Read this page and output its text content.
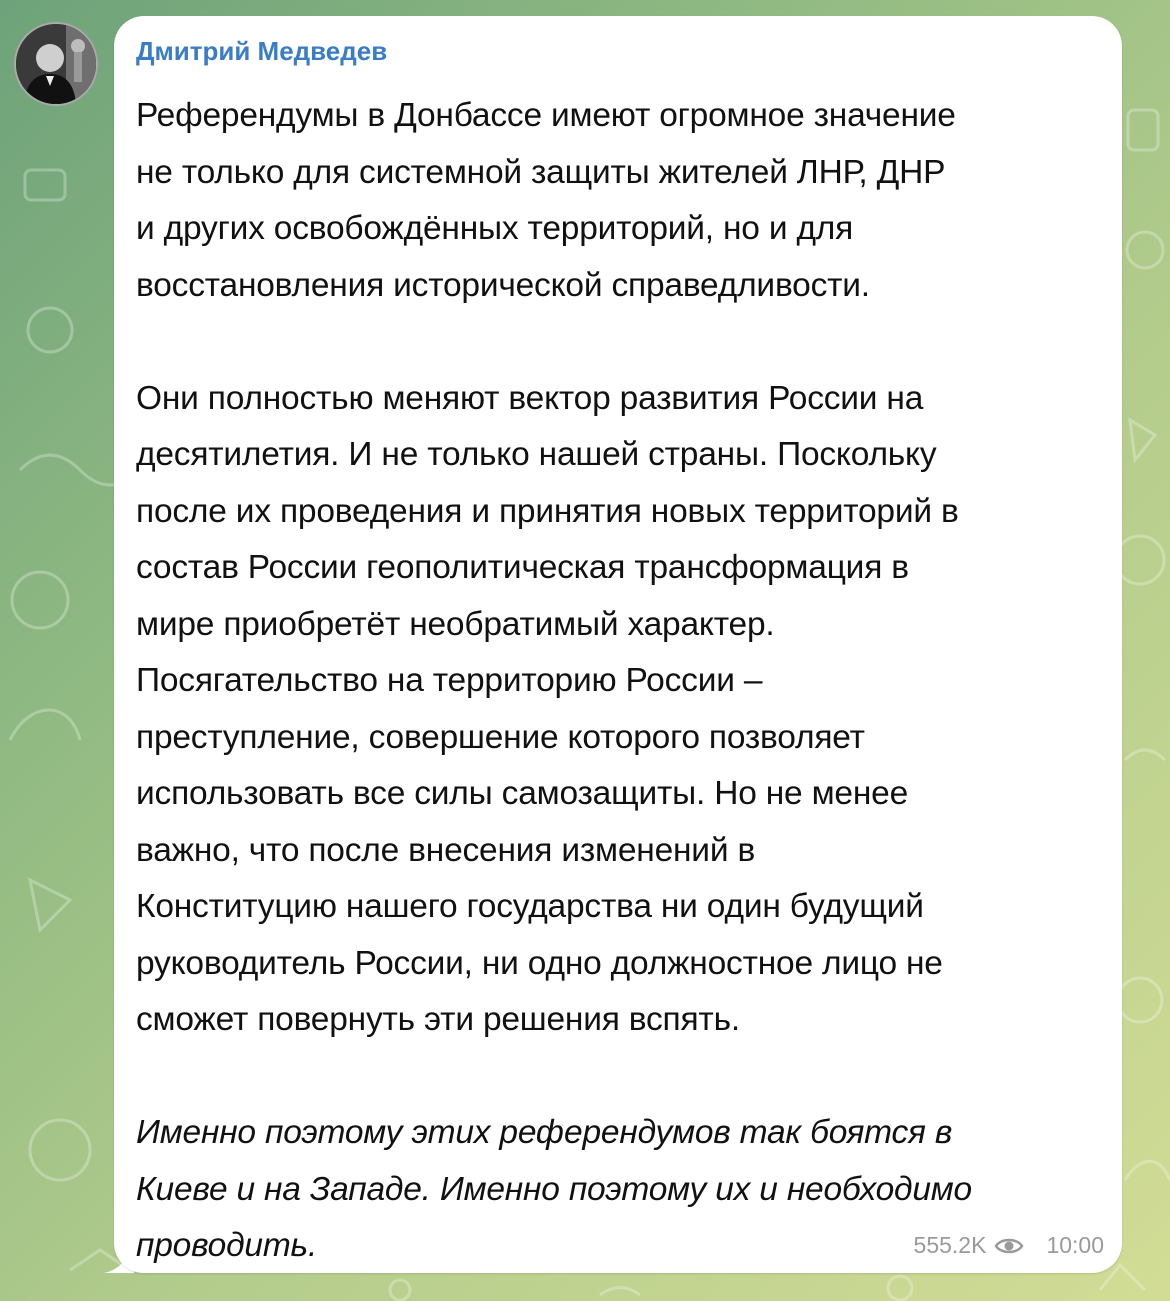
Дмитрий Медведев

Референдумы в Донбассе имеют огромное значение
не только для системной защиты жителей ЛНР, ДНР
и других освобождённых территорий, но и для
восстановления исторической справедливости.

Они полностью меняют вектор развития России на
десятилетия. И не только нашей страны. Поскольку
после их проведения и принятия новых территорий в
состав России геополитическая трансформация в
мире приобретёт необратимый характер.
Посягательство на территорию России –
преступление, совершение которого позволяет
использовать все силы самозащиты. Но не менее
важно, что после внесения изменений в
Конституцию нашего государства ни один будущий
руководитель России, ни одно должностное лицо не
сможет повернуть эти решения вспять.

Именно поэтому этих референдумов так боятся в
Киеве и на Западе. Именно поэтому их и необходимо
проводить.	555.2K	10:00
